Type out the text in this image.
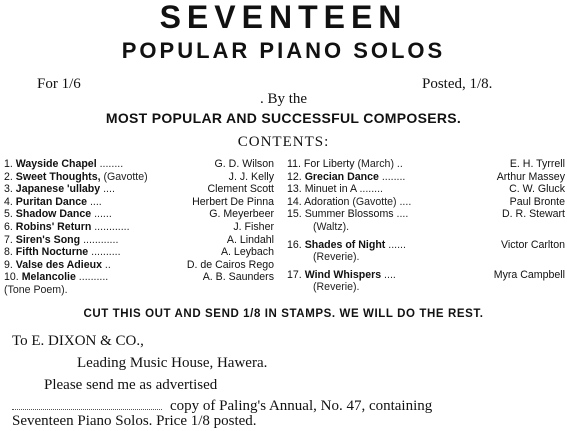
SEVENTEEN
POPULAR PIANO SOLOS
For 1/6	Posted, 1/8.
. By the
MOST POPULAR AND SUCCESSFUL COMPOSERS.
CONTENTS:
1. Wayside Chapel ........	G. D. Wilson
2. Sweet Thoughts, (Gavotte)	J. J. Kelly
3. Japanese 'ullaby ....	Clement Scott
4. Puritan Dance ....	Herbert De Pinna
5. Shadow Dance ......	G. Meyerbeer
6. Robins' Return ............	J. Fisher
7. Siren's Song ............	A. Lindahl
8. Fifth Nocturne ..........	A. Leybach
9. Valse des Adieux ..	D. de Cairos Rego
10. Melancolie ..........	A. B. Saunders
(Tone Poem).
11. For Liberty (March) ..	E. H. Tyrrell
12. Grecian Dance ........	Arthur Massey
13. Minuet in A ........	C. W. Gluck
14. Adoration (Gavotte) ....	Paul Bronte
15. Summer Blossoms ....	D. R. Stewart
(Waltz).
16. Shades of Night ......	Victor Carlton
(Reverie).
17. Wind Whispers ....	Myra Campbell
(Reverie).
CUT THIS OUT AND SEND 1/8 IN STAMPS. WE WILL DO THE REST.
To E. DIXON & CO.,
Leading Music House, Hawera.
Please send me as advertised
copy of Paling's Annual, No. 47, containing
Seventeen Piano Solos. Price 1/8 posted.
